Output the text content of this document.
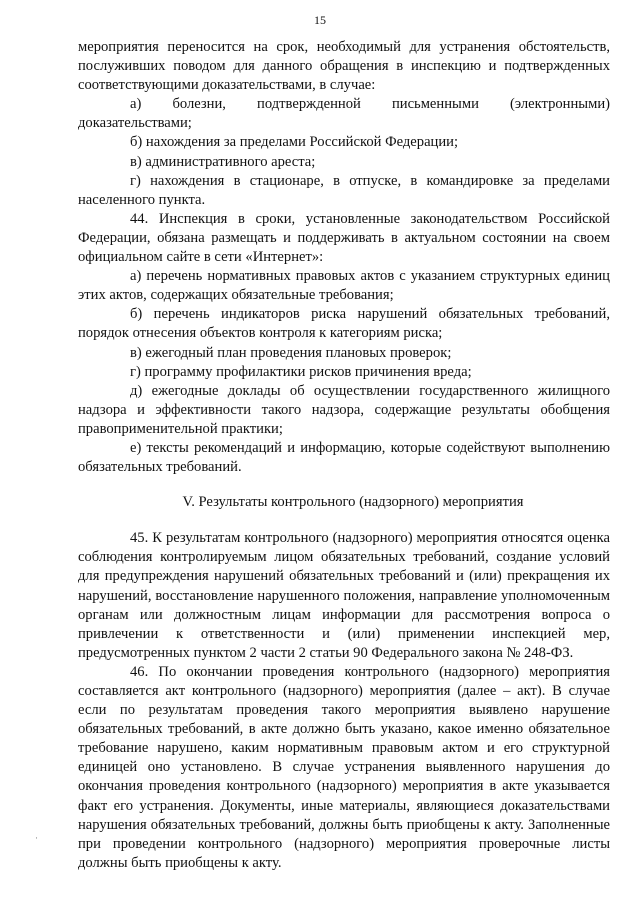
15

мероприятия переносится на срок, необходимый для устранения обстоятельств, послуживших поводом для данного обращения в инспекцию и подтвержденных соответствующими доказательствами, в случае:

а) болезни, подтвержденной письменными (электронными) доказательствами;

б) нахождения за пределами Российской Федерации;

в) административного ареста;

г) нахождения в стационаре, в отпуске, в командировке за пределами населенного пункта.

44. Инспекция в сроки, установленные законодательством Российской Федерации, обязана размещать и поддерживать в актуальном состоянии на своем официальном сайте в сети «Интернет»:

а) перечень нормативных правовых актов с указанием структурных единиц этих актов, содержащих обязательные требования;

б) перечень индикаторов риска нарушений обязательных требований, порядок отнесения объектов контроля к категориям риска;

в) ежегодный план проведения плановых проверок;

г) программу профилактики рисков причинения вреда;

д) ежегодные доклады об осуществлении государственного жилищного надзора и эффективности такого надзора, содержащие результаты обобщения правоприменительной практики;

е) тексты рекомендаций и информацию, которые содействуют выполнению обязательных требований.

V. Результаты контрольного (надзорного) мероприятия

45. К результатам контрольного (надзорного) мероприятия относятся оценка соблюдения контролируемым лицом обязательных требований, создание условий для предупреждения нарушений обязательных требований и (или) прекращения их нарушений, восстановление нарушенного положения, направление уполномоченным органам или должностным лицам информации для рассмотрения вопроса о привлечении к ответственности и (или) применении инспекцией мер, предусмотренных пунктом 2 части 2 статьи 90 Федерального закона № 248-ФЗ.

46. По окончании проведения контрольного (надзорного) мероприятия составляется акт контрольного (надзорного) мероприятия (далее – акт). В случае если по результатам проведения такого мероприятия выявлено нарушение обязательных требований, в акте должно быть указано, какое именно обязательное требование нарушено, каким нормативным правовым актом и его структурной единицей оно установлено. В случае устранения выявленного нарушения до окончания проведения контрольного (надзорного) мероприятия в акте указывается факт его устранения. Документы, иные материалы, являющиеся доказательствами нарушения обязательных требований, должны быть приобщены к акту. Заполненные при проведении контрольного (надзорного) мероприятия проверочные листы должны быть приобщены к акту.

·
